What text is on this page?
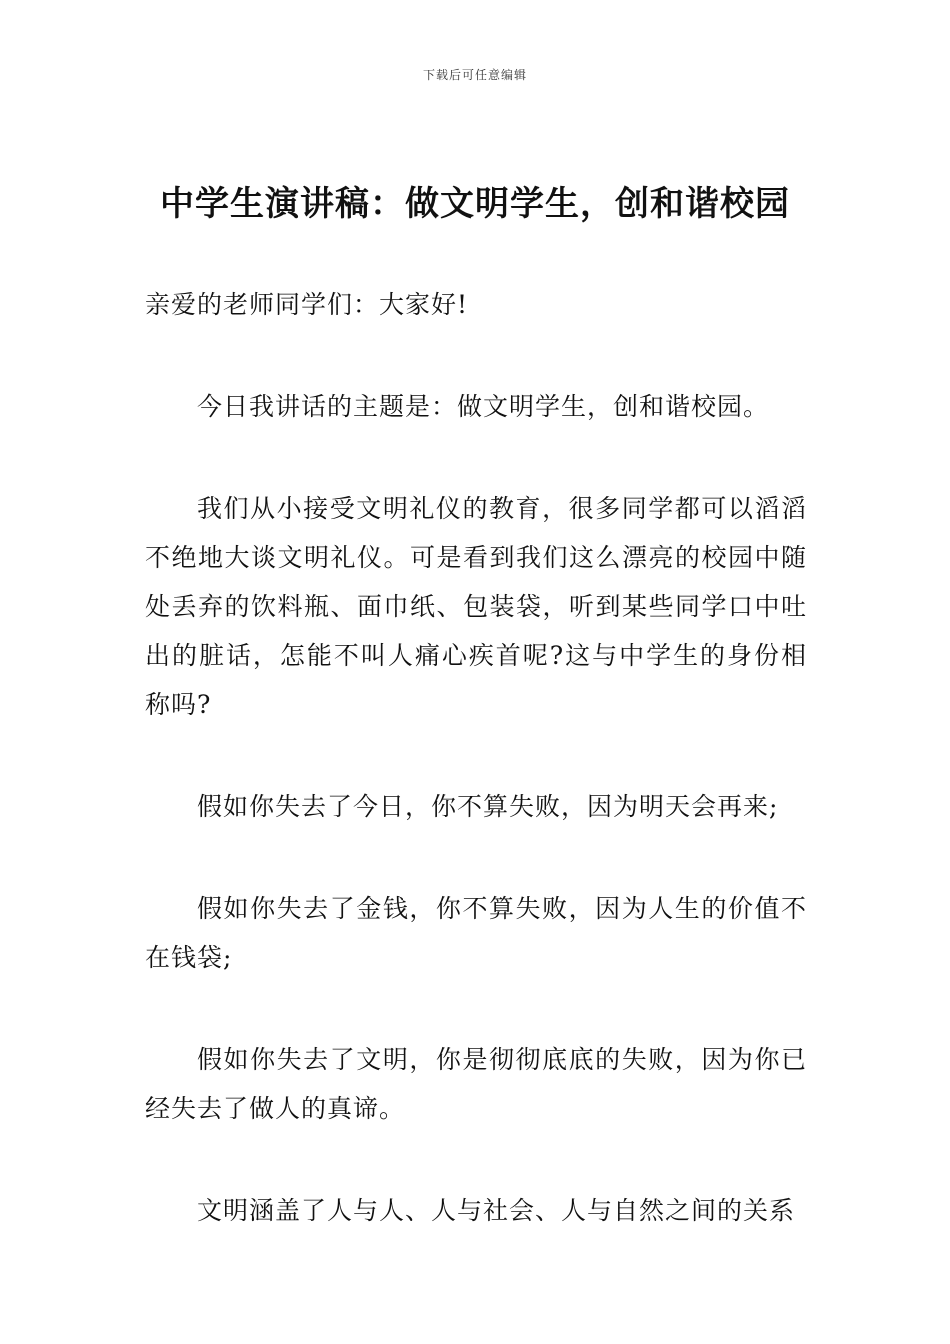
下载后可任意编辑
中学生演讲稿：做文明学生，创和谐校园

亲爱的老师同学们：大家好!

今日我讲话的主题是：做文明学生，创和谐校园。

我们从小接受文明礼仪的教育，很多同学都可以滔滔不绝地大谈文明礼仪。可是看到我们这么漂亮的校园中随处丢弃的饮料瓶、面巾纸、包装袋，听到某些同学口中吐出的脏话，怎能不叫人痛心疾首呢?这与中学生的身份相称吗?

假如你失去了今日，你不算失败，因为明天会再来;

假如你失去了金钱，你不算失败，因为人生的价值不在钱袋;

假如你失去了文明，你是彻彻底底的失败，因为你已经失去了做人的真谛。

文明涵盖了人与人、人与社会、人与自然之间的关系
